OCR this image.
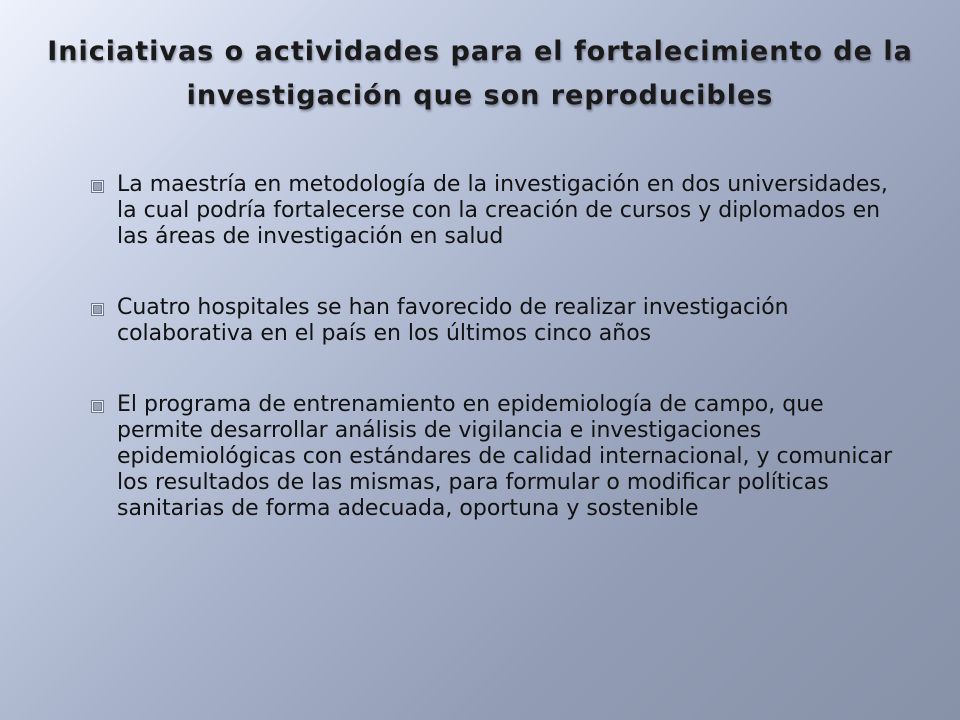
Iniciativas o actividades para el fortalecimiento de la investigación que son reproducibles
La maestría en metodología de la investigación en dos universidades, la cual podría fortalecerse con la creación de cursos y diplomados en las áreas de investigación en salud
Cuatro hospitales se han favorecido de realizar investigación colaborativa en el país en los últimos cinco años
El programa de entrenamiento en epidemiología de campo, que permite desarrollar análisis de vigilancia e investigaciones epidemiológicas con estándares de calidad internacional, y comunicar los resultados de las mismas, para formular o modificar políticas sanitarias de forma adecuada, oportuna y sostenible
